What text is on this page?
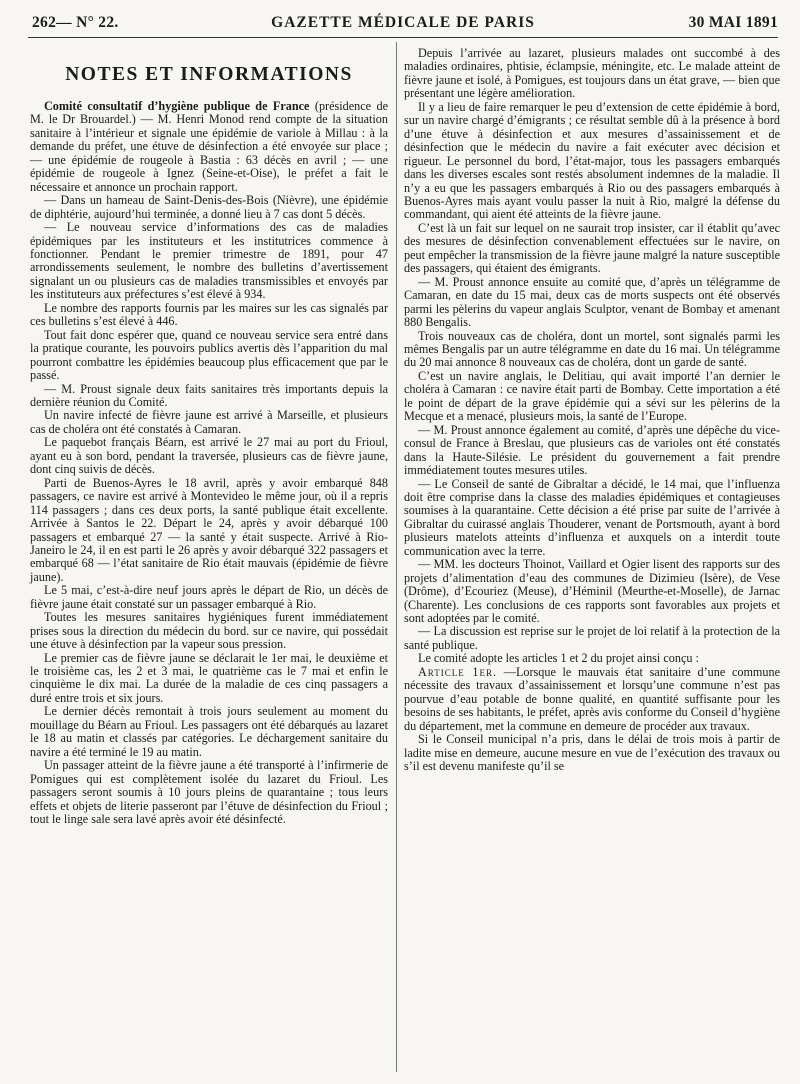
262— N° 22.	GAZETTE MÉDICALE DE PARIS	30 MAI 1891

NOTES ET INFORMATIONS

Comité consultatif d’hygiène publique de France (présidence de M. le Dr Brouardel.) — M. Henri Monod rend compte de la situation sanitaire à l’intérieur et signale une épidémie de variole à Millau : à la demande du préfet, une étuve de désinfection a été envoyée sur place ; — une épidémie de rougeole à Bastia : 63 décès en avril ; — une épidémie de rougeole à Ignez (Seine-et-Oise), le préfet a fait le nécessaire et annonce un prochain rapport.

— Dans un hameau de Saint-Denis-des-Bois (Nièvre), une épidémie de diphtérie, aujourd’hui terminée, a donné lieu à 7 cas dont 5 décès.

— Le nouveau service d’informations des cas de maladies épidémiques par les instituteurs et les institutrices commence à fonctionner. Pendant le premier trimestre de 1891, pour 47 arrondissements seulement, le nombre des bulletins d’avertissement signalant un ou plusieurs cas de maladies transmissibles et envoyés par les instituteurs aux préfectures s’est élevé à 934.

Le nombre des rapports fournis par les maires sur les cas signalés par ces bulletins s’est élevé à 446.

Tout fait donc espérer que, quand ce nouveau service sera entré dans la pratique courante, les pouvoirs publics avertis dès l’apparition du mal pourront combattre les épidémies beaucoup plus efficacement que par le passé.

— M. Proust signale deux faits sanitaires très importants depuis la dernière réunion du Comité.

Un navire infecté de fièvre jaune est arrivé à Marseille, et plusieurs cas de choléra ont été constatés à Camaran.

Le paquebot français Béarn, est arrivé le 27 mai au port du Frioul, ayant eu à son bord, pendant la traversée, plusieurs cas de fièvre jaune, dont cinq suivis de décès.

Parti de Buenos-Ayres le 18 avril, après y avoir embarqué 848 passagers, ce navire est arrivé à Montevideo le même jour, où il a repris 114 passagers ; dans ces deux ports, la santé publique était excellente. Arrivée à Santos le 22. Départ le 24, après y avoir débarqué 100 passagers et embarqué 27 — la santé y était suspecte. Arrivé à Rio-Janeiro le 24, il en est parti le 26 après y avoir débarqué 322 passagers et embarqué 68 — l’état sanitaire de Rio était mauvais (épidémie de fièvre jaune).

Le 5 mai, c’est-à-dire neuf jours après le départ de Rio, un décès de fièvre jaune était constaté sur un passager embarqué à Rio.

Toutes les mesures sanitaires hygiéniques furent immédiatement prises sous la direction du médecin du bord. sur ce navire, qui possédait une étuve à désinfection par la vapeur sous pression.

Le premier cas de fièvre jaune se déclarait le 1er mai, le deuxième et le troisième cas, les 2 et 3 mai, le quatrième cas le 7 mai et enfin le cinquième le dix mai. La durée de la maladie de ces cinq passagers a duré entre trois et six jours.

Le dernier décès remontait à trois jours seulement au moment du mouillage du Béarn au Frioul. Les passagers ont été débarqués au lazaret le 18 au matin et classés par catégories. Le déchargement sanitaire du navire a été terminé le 19 au matin.

Un passager atteint de la fièvre jaune a été transporté à l’infirmerie de Pomigues qui est complètement isolée du lazaret du Frioul. Les passagers seront soumis à 10 jours pleins de quarantaine ; tous leurs effets et objets de literie passeront par l’étuve de désinfection du Frioul ; tout le linge sale sera lavé après avoir été désinfecté.

Depuis l’arrivée au lazaret, plusieurs malades ont succombé à des maladies ordinaires, phtisie, éclampsie, méningite, etc. Le malade atteint de fièvre jaune et isolé, à Pomigues, est toujours dans un état grave, — bien que présentant une légère amélioration.

Il y a lieu de faire remarquer le peu d’extension de cette épidémie à bord, sur un navire chargé d’émigrants ; ce résultat semble dû à la présence à bord d’une étuve à désinfection et aux mesures d’assainissement et de désinfection que le médecin du navire a fait exécuter avec décision et rigueur. Le personnel du bord, l’état-major, tous les passagers embarqués dans les diverses escales sont restés absolument indemnes de la maladie. Il n’y a eu que les passagers embarqués à Rio ou des passagers embarqués à Buenos-Ayres mais ayant voulu passer la nuit à Rio, malgré la défense du commandant, qui aient été atteints de la fièvre jaune.

C’est là un fait sur lequel on ne saurait trop insister, car il établit qu’avec des mesures de désinfection convenablement effectuées sur le navire, on peut empêcher la transmission de la fièvre jaune malgré la nature susceptible des passagers, qui étaient des émigrants.

— M. Proust annonce ensuite au comité que, d’après un télégramme de Camaran, en date du 15 mai, deux cas de morts suspects ont été observés parmi les pèlerins du vapeur anglais Sculptor, venant de Bombay et amenant 880 Bengalis.

Trois nouveaux cas de choléra, dont un mortel, sont signalés parmi les mêmes Bengalis par un autre télégramme en date du 16 mai. Un télégramme du 20 mai annonce 8 nouveaux cas de choléra, dont un garde de santé.

C’est un navire anglais, le Delitiau, qui avait importé l’an dernier le choléra à Camaran : ce navire était parti de Bombay. Cette importation a été le point de départ de la grave épidémie qui a sévi sur les pèlerins de la Mecque et a menacé, plusieurs mois, la santé de l’Europe.

— M. Proust annonce également au comité, d’après une dépêche du vice-consul de France à Breslau, que plusieurs cas de varioles ont été constatés dans la Haute-Silésie. Le président du gouvernement a fait prendre immédiatement toutes mesures utiles.

— Le Conseil de santé de Gibraltar a décidé, le 14 mai, que l’influenza doit être comprise dans la classe des maladies épidémiques et contagieuses soumises à la quarantaine. Cette décision a été prise par suite de l’arrivée à Gibraltar du cuirassé anglais Thouderer, venant de Portsmouth, ayant à bord plusieurs matelots atteints d’influenza et auxquels on a interdit toute communication avec la terre.

— MM. les docteurs Thoinot, Vaillard et Ogier lisent des rapports sur des projets d’alimentation d’eau des communes de Dizimieu (Isère), de Vese (Drôme), d’Ecouriez (Meuse), d’Héminil (Meurthe-et-Moselle), de Jarnac (Charente). Les conclusions de ces rapports sont favorables aux projets et sont adoptées par le comité.

— La discussion est reprise sur le projet de loi relatif à la protection de la santé publique.

Le comité adopte les articles 1 et 2 du projet ainsi conçu :

Article 1er. —Lorsque le mauvais état sanitaire d’une commune nécessite des travaux d’assainissement et lorsqu’une commune n’est pas pourvue d’eau potable de bonne qualité, en quantité suffisante pour les besoins de ses habitants, le préfet, après avis conforme du Conseil d’hygiène du département, met la commune en demeure de procéder aux travaux.

Si le Conseil municipal n’a pris, dans le délai de trois mois à partir de ladite mise en demeure, aucune mesure en vue de l’exécution des travaux ou s’il est devenu manifeste qu’il se
